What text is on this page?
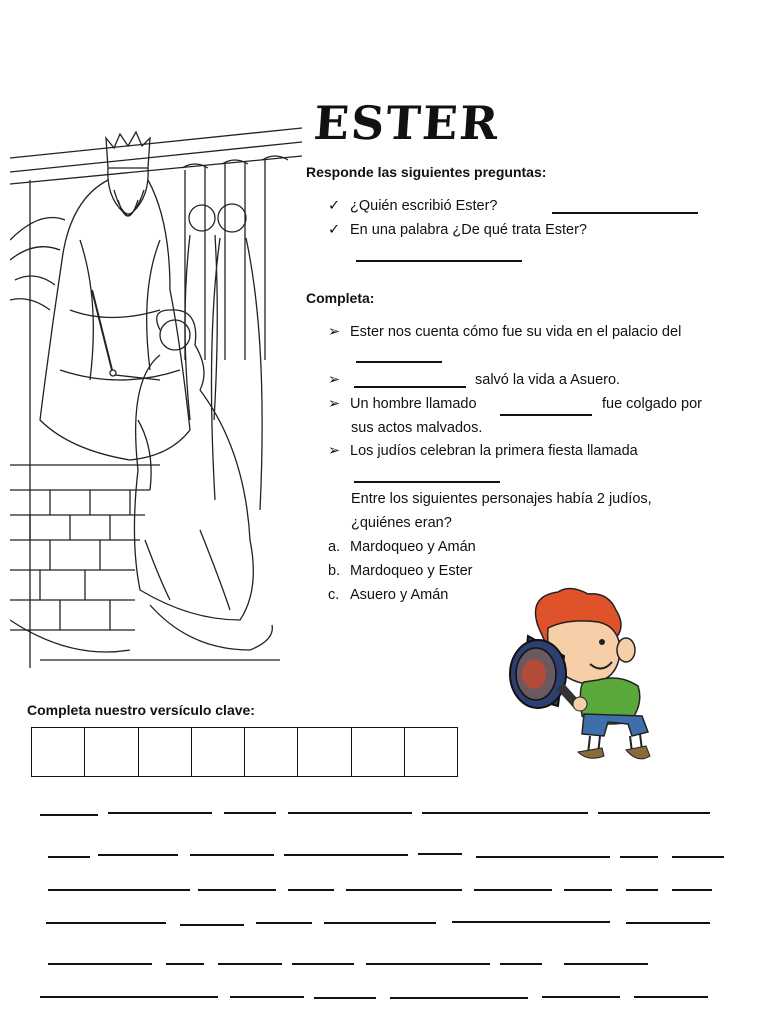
ESTER
Responde las siguientes preguntas:
✓ ¿Quién escribió Ester?
✓ En una palabra ¿De qué trata Ester?
Completa:
➢ Ester nos cuenta cómo fue su vida en el palacio del
➢	salvó la vida a Asuero.
➢ Un hombre llamado	fue colgado por
sus actos malvados.
➢ Los judíos celebran la primera fiesta llamada
Entre los siguientes personajes había 2 judíos,
¿quiénes eran?
a. Mardoqueo y Amán
b. Mardoqueo y Ester
c. Asuero y Amán
Completa nuestro versículo clave:
